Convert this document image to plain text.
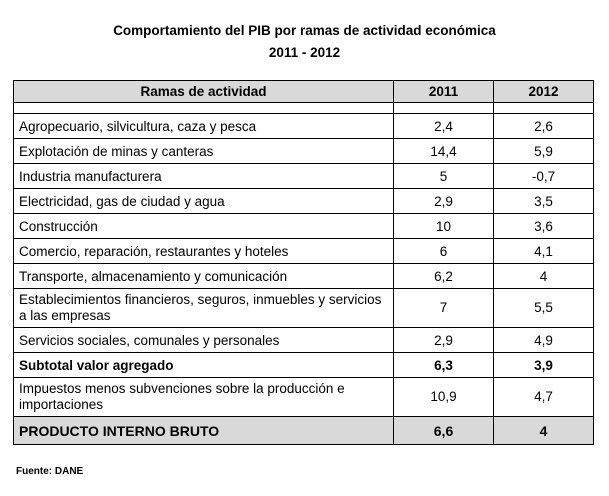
Comportamiento del PIB por ramas de actividad económica
2011 - 2012
Ramas de actividad	2011	2012

Agropecuario, silvicultura, caza y pesca	2,4	2,6
Explotación de minas y canteras	14,4	5,9
Industria manufacturera	5	-0,7
Electricidad, gas de ciudad y agua	2,9	3,5
Construcción	10	3,6
Comercio, reparación, restaurantes y hoteles	6	4,1
Transporte, almacenamiento y comunicación	6,2	4
Establecimientos financieros, seguros, inmuebles y servicios a las empresas	7	5,5
Servicios sociales, comunales y personales	2,9	4,9
Subtotal valor agregado	6,3	3,9
Impuestos menos subvenciones sobre la producción e importaciones	10,9	4,7
PRODUCTO INTERNO BRUTO	6,6	4
Fuente: DANE
